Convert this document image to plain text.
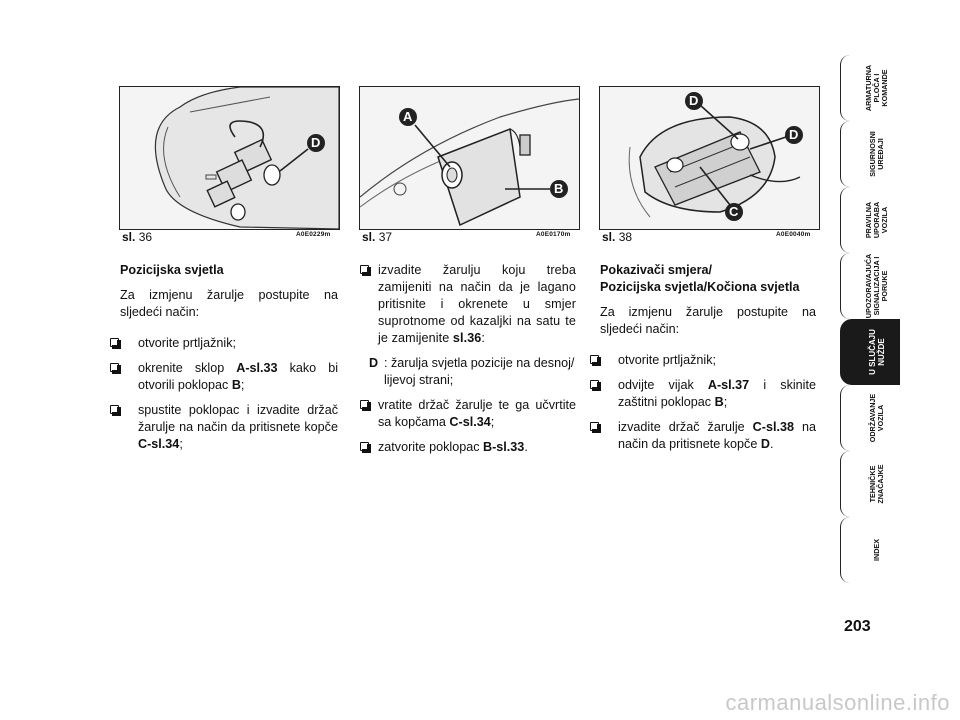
D
sl. 36	A0E0229m
A
B
sl. 37	A0E0170m
D
D
C
sl. 38	A0E0040m

Pozicijska svjetla

Za izmjenu žarulje postupite na sljedeći način:

otvorite prtljažnik;

okrenite sklop A-sl.33 kako bi otvorili poklopac B;

spustite poklopac i izvadite držač žarulje na način da pritisnete kopče C-sl.34;

izvadite žarulju koju treba zamijeniti na način da je lagano pritisnite i okrenete u smjer suprotnome od kazaljki na satu te je zamijenite sl.36:

D : žarulja svjetla pozicije na desnoj/ lijevoj strani;

vratite držač žarulje te ga učvrtite sa kopčama C-sl.34;

zatvorite poklopac B-sl.33.

Pokazivači smjera/
Pozicijska svjetla/Kočiona svjetla

Za izmjenu žarulje postupite na sljedeći način:

otvorite prtljažnik;

odvijte vijak A-sl.37 i skinite zaštitni poklopac B;

izvadite držač žarulje C-sl.38 na način da pritisnete kopče D.

ARMATURNA
PLOČA I
KOMANDE
SIGURNOSNI
UREĐAJI
PRAVILNA
UPORABA
VOZILA
UPOZORAVAJUĆA
SIGNALIZACIJA I
PORUKE
U SLUČAJU
NUŽDE
ODRŽAVANJE
VOZILA
TEHNIČKE
ZNAČAJKE
INDEX
203
carmanualsonline.info
